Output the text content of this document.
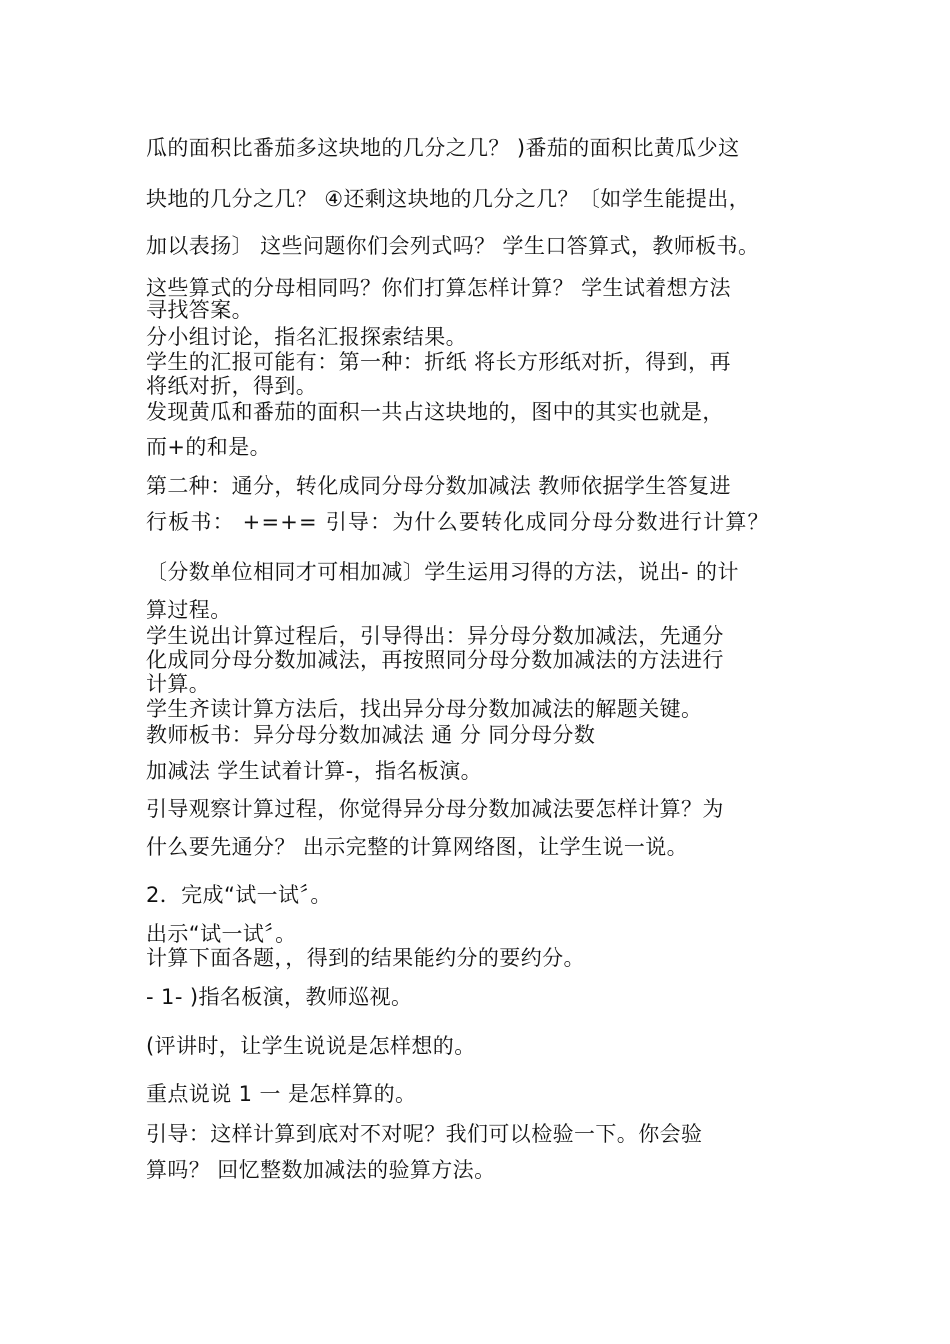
瓜的面积比番茄多这块地的几分之几？ )番茄的面积比黄瓜少这
块地的几分之几？ ④还剩这块地的几分之几？〔如学生能提出，
加以表扬〕 这些问题你们会列式吗？ 学生口答算式，教师板书。
这些算式的分母相同吗？你们打算怎样计算？ 学生试着想方法
寻找答案。
分小组讨论，指名汇报探索结果。
学生的汇报可能有：第一种：折纸 将长方形纸对折，得到，再
将纸对折，得到。
发现黄瓜和番茄的面积一共占这块地的，图中的其实也就是，
而+的和是。
第二种：通分，转化成同分母分数加减法 教师依据学生答复进
行板书： +=+= 引导：为什么要转化成同分母分数进行计算？
〔分数单位相同才可相加减〕学生运用习得的方法，说出- 的计
算过程。
学生说出计算过程后，引导得出：异分母分数加减法，先通分
化成同分母分数加减法，再按照同分母分数加减法的方法进行
计算。
学生齐读计算方法后，找出异分母分数加减法的解题关键。
教师板书：异分母分数加减法 通 分 同分母分数
加减法 学生试着计算-，指名板演。
引导观察计算过程，你觉得异分母分数加减法要怎样计算？为
什么要先通分？ 出示完整的计算网络图，让学生说一说。
2．完成“试一试〞。
出示“试一试〞。
计算下面各题，，得到的结果能约分的要约分。
- 1- )指名板演，教师巡视。
(评讲时，让学生说说是怎样想的。
重点说说 1 一 是怎样算的。
引导：这样计算到底对不对呢？我们可以检验一下。你会验
算吗？ 回忆整数加减法的验算方法。
